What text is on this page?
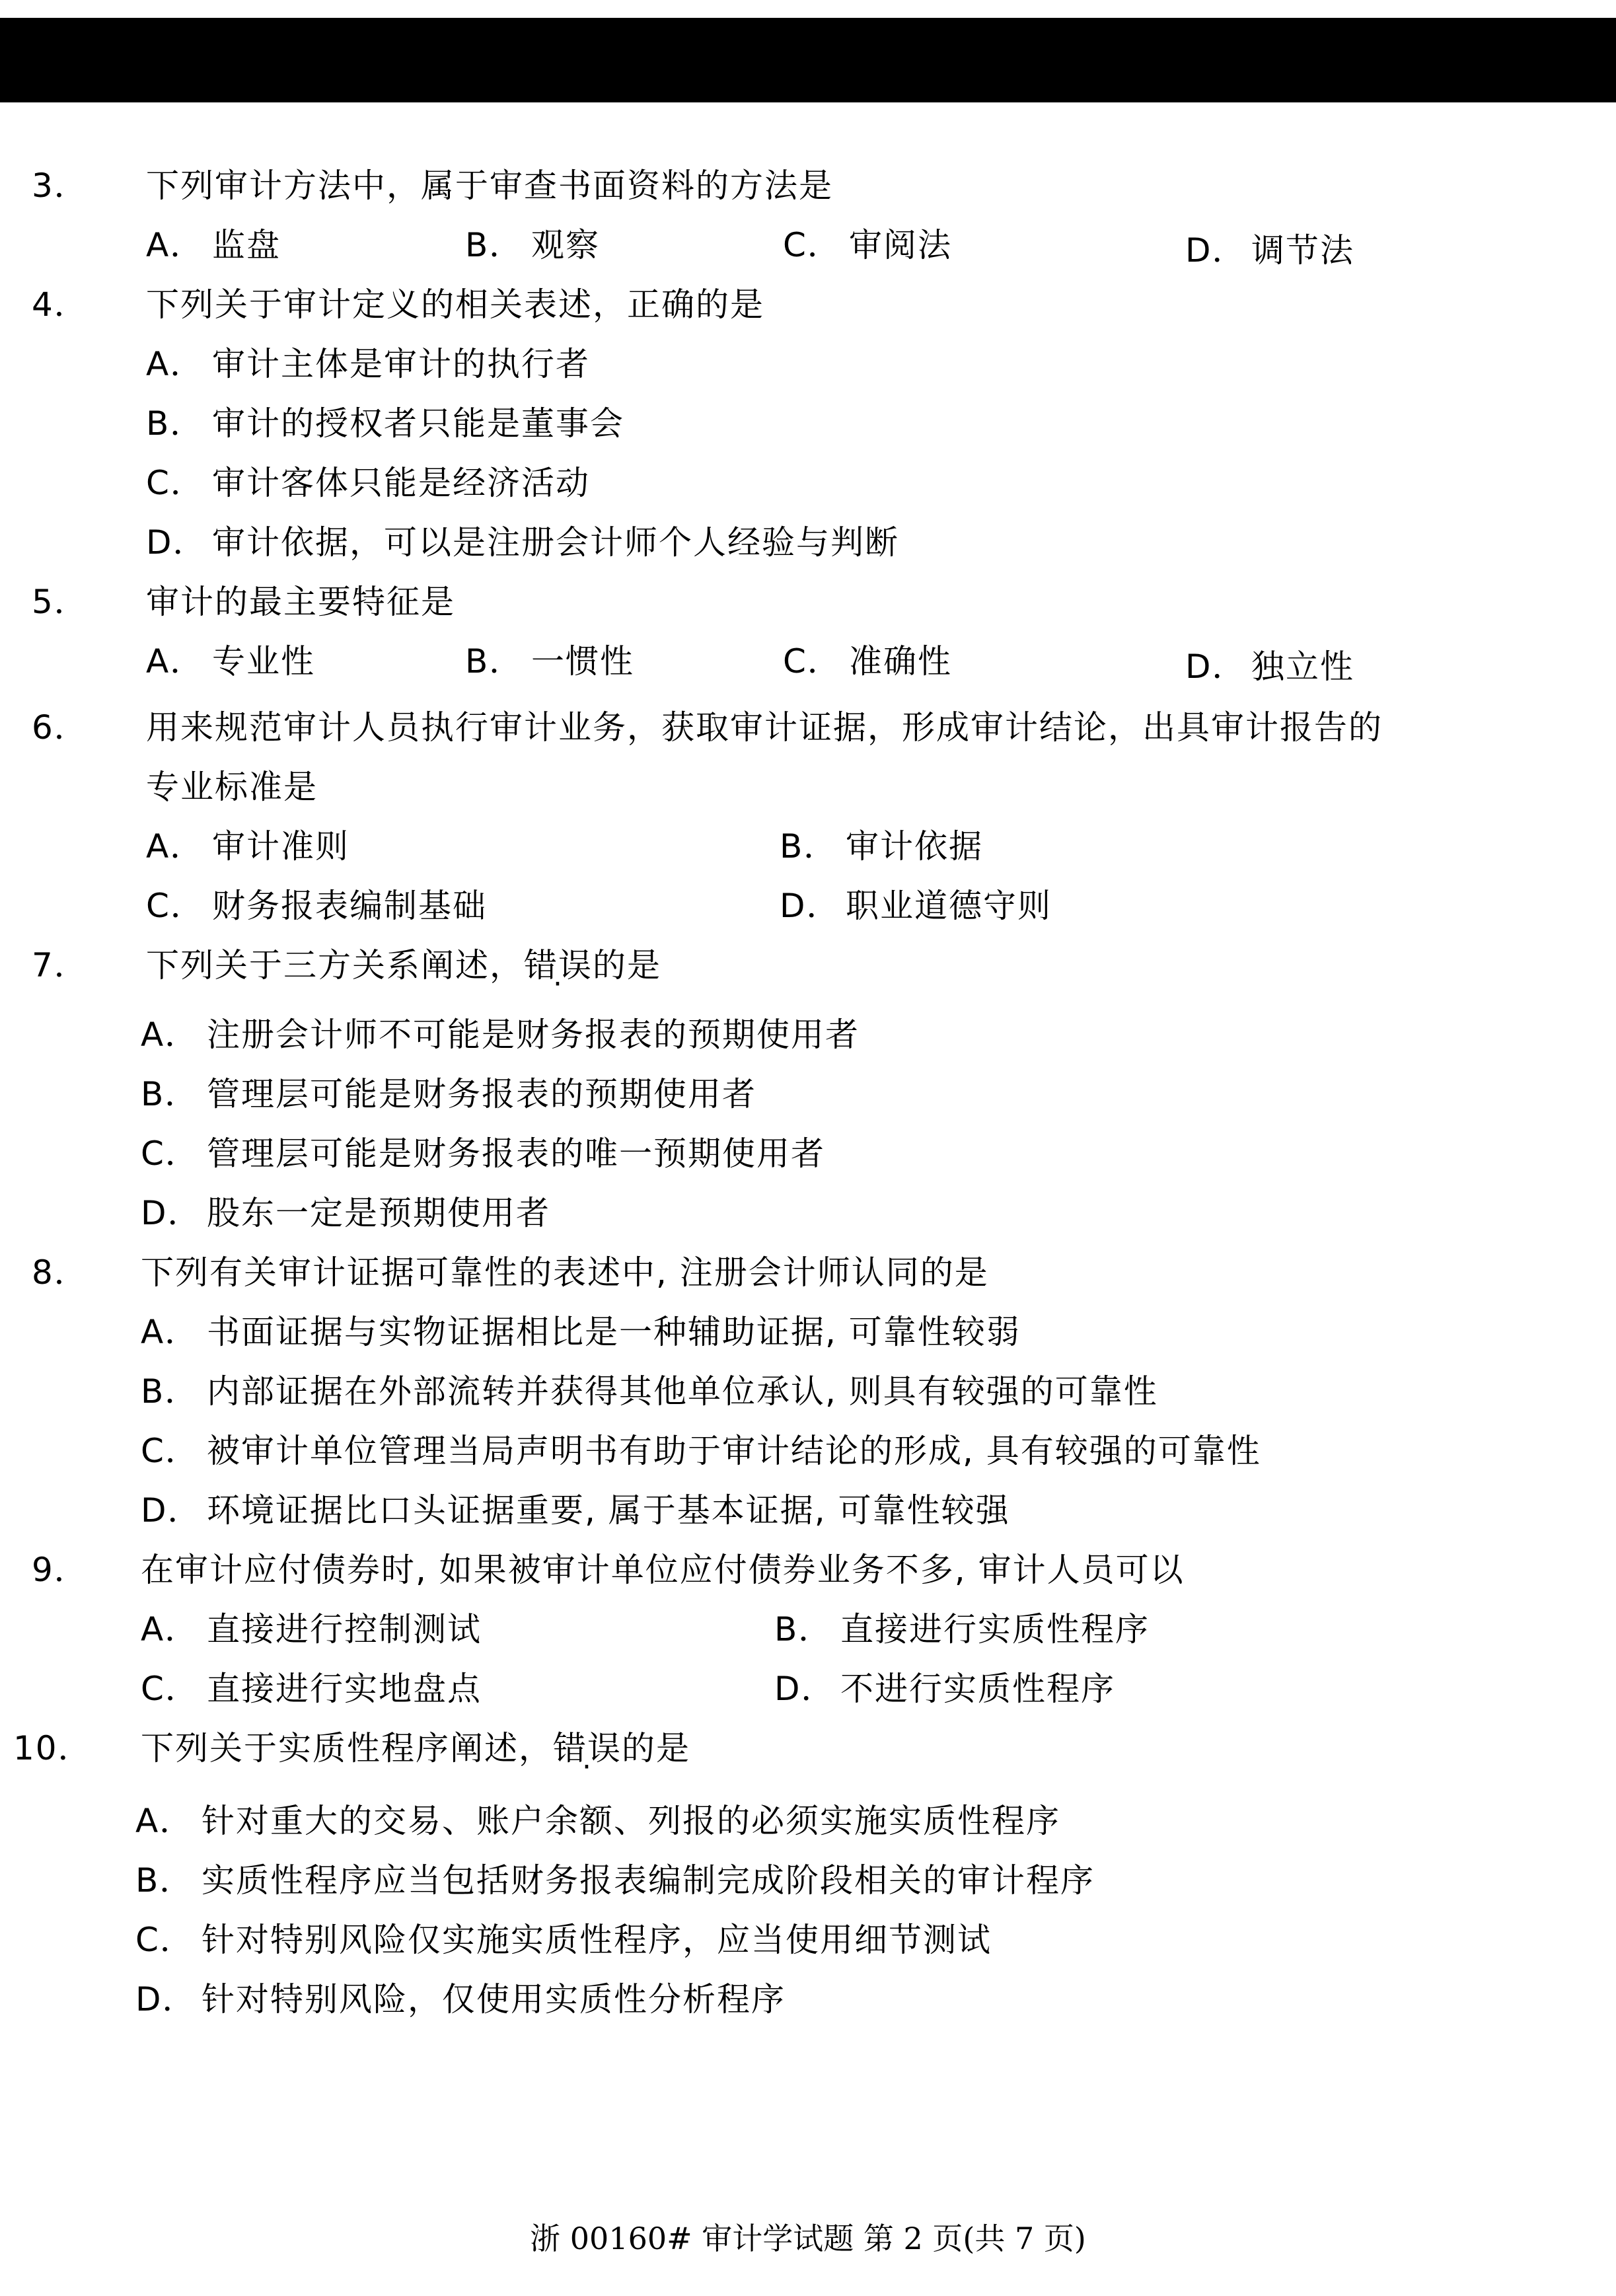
3． 下列审计方法中，属于审查书面资料的方法是
A． 监盘	B． 观察	C． 审阅法	D． 调节法
4． 下列关于审计定义的相关表述，正确的是
A． 审计主体是审计的执行者
B． 审计的授权者只能是董事会
C． 审计客体只能是经济活动
D． 审计依据，可以是注册会计师个人经验与判断
5． 审计的最主要特征是
A． 专业性	B． 一惯性	C． 准确性	D． 独立性
6． 用来规范审计人员执行审计业务，获取审计证据，形成审计结论，出具审计报告的
专业标准是
A． 审计准则	B． 审计依据
C． 财务报表编制基础	D． 职业道德守则
7． 下列关于三方关系阐述，错误的是
A． 注册会计师不可能是财务报表的预期使用者
B． 管理层可能是财务报表的预期使用者
C． 管理层可能是财务报表的唯一预期使用者
D． 股东一定是预期使用者
8． 下列有关审计证据可靠性的表述中, 注册会计师认同的是
A． 书面证据与实物证据相比是一种辅助证据, 可靠性较弱
B． 内部证据在外部流转并获得其他单位承认, 则具有较强的可靠性
C． 被审计单位管理当局声明书有助于审计结论的形成, 具有较强的可靠性
D． 环境证据比口头证据重要, 属于基本证据, 可靠性较强
9． 在审计应付债券时, 如果被审计单位应付债券业务不多, 审计人员可以
A． 直接进行控制测试	B． 直接进行实质性程序
C． 直接进行实地盘点	D． 不进行实质性程序
10． 下列关于实质性程序阐述，错误的是
A． 针对重大的交易、账户余额、列报的必须实施实质性程序
B． 实质性程序应当包括财务报表编制完成阶段相关的审计程序
C． 针对特别风险仅实施实质性程序，应当使用细节测试
D． 针对特别风险，仅使用实质性分析程序
浙 00160# 审计学试题 第 2 页(共 7 页)
